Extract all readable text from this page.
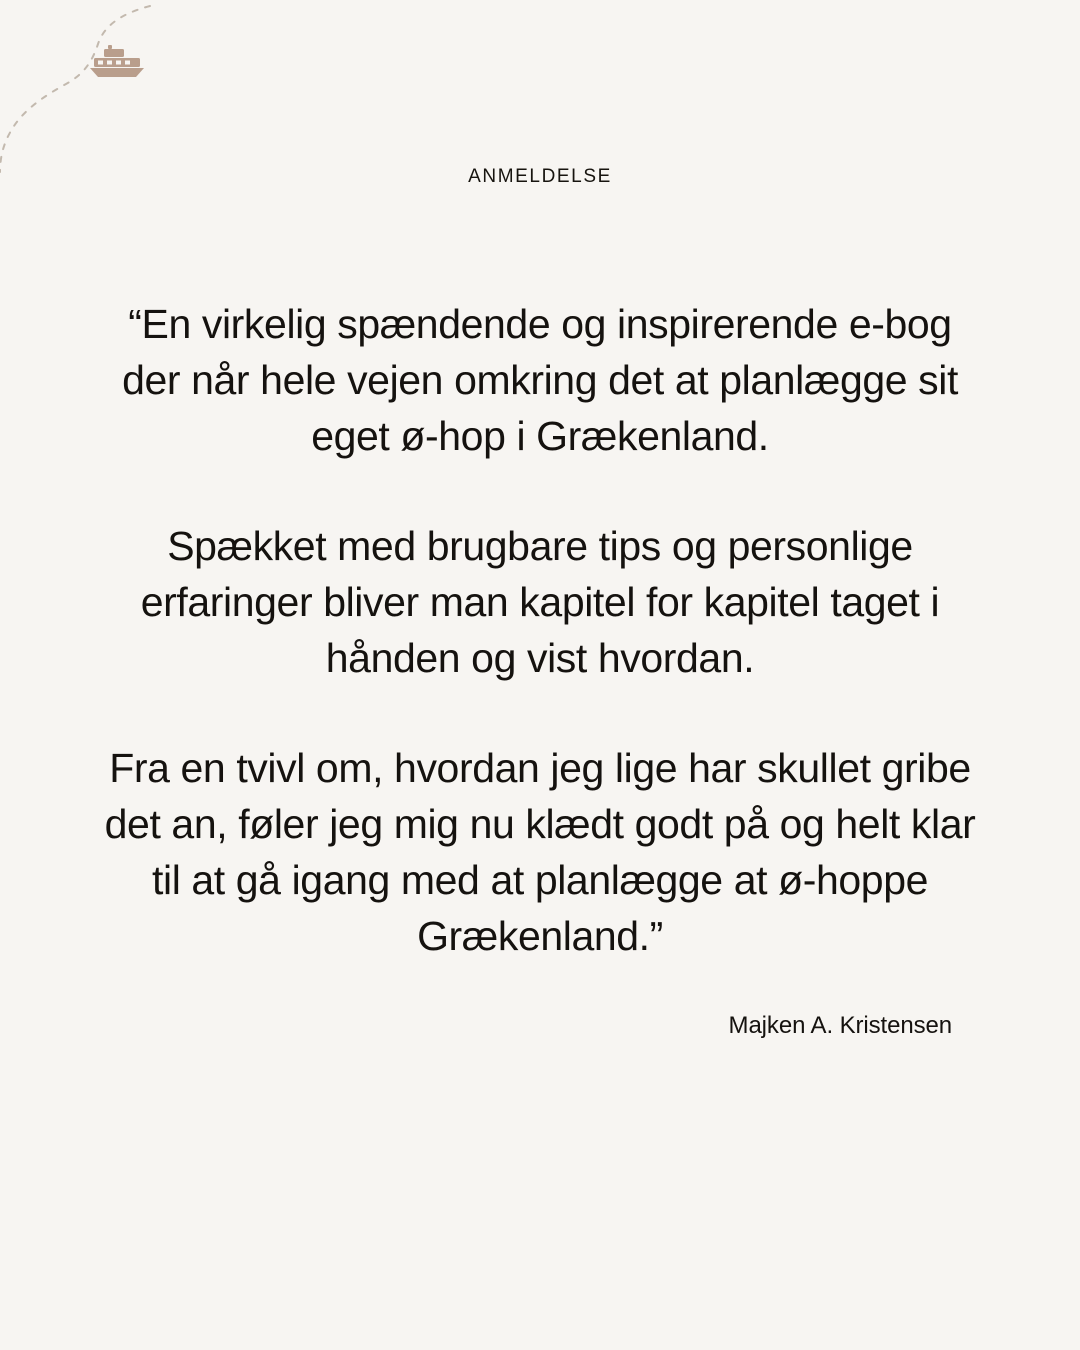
ANMELDELSE

“En virkelig spændende og inspirerende e-bog der når hele vejen omkring det at planlægge sit eget ø-hop i Grækenland.

Spækket med brugbare tips og personlige erfaringer bliver man kapitel for kapitel taget i hånden og vist hvordan.

Fra en tvivl om, hvordan jeg lige har skullet gribe det an, føler jeg mig nu klædt godt på og helt klar til at gå igang med at planlægge at ø-hoppe Grækenland.”

Majken A. Kristensen
